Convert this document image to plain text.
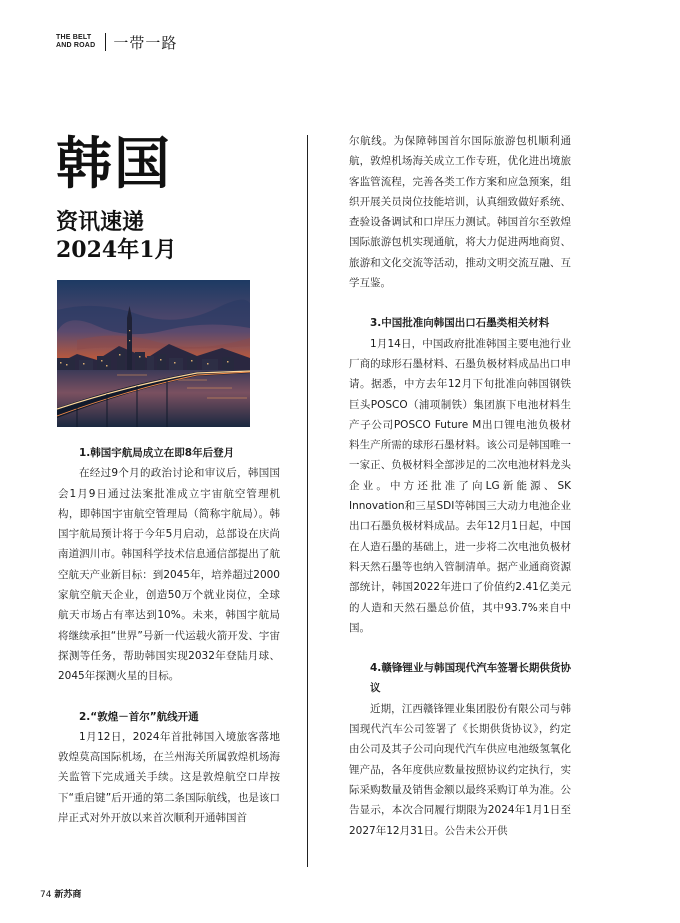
THE BELT
AND ROAD 一带一路
韩国
资讯速递
2024年1月
1.韩国宇航局成立在即8年后登月

在经过9个月的政治讨论和审议后，韩国国会1月9日通过法案批准成立宇宙航空管理机构，即韩国宇宙航空管理局（简称宇航局）。韩国宇航局预计将于今年5月启动，总部设在庆尚南道泗川市。韩国科学技术信息通信部提出了航空航天产业新目标：到2045年，培养超过2000家航空航天企业，创造50万个就业岗位，全球航天市场占有率达到10%。未来，韩国宇航局将继续承担“世界”号新一代运载火箭开发、宇宙探测等任务，帮助韩国实现2032年登陆月球、2045年探测火星的目标。

2.“敦煌－首尔”航线开通

1月12日，2024年首批韩国入境旅客落地敦煌莫高国际机场，在兰州海关所属敦煌机场海关监管下完成通关手续。这是敦煌航空口岸按下“重启键”后开通的第二条国际航线，也是该口岸正式对外开放以来首次顺利开通韩国首

尔航线。为保障韩国首尔国际旅游包机顺利通航，敦煌机场海关成立工作专班，优化进出境旅客监管流程，完善各类工作方案和应急预案，组织开展关员岗位技能培训，认真细致做好系统、查验设备调试和口岸压力测试。韩国首尔至敦煌国际旅游包机实现通航，将大力促进两地商贸、旅游和文化交流等活动，推动文明交流互融、互学互鉴。

3.中国批准向韩国出口石墨类相关材料

1月14日，中国政府批准韩国主要电池行业厂商的球形石墨材料、石墨负极材料成品出口申请。据悉，中方去年12月下旬批准向韩国钢铁巨头POSCO（浦项制铁）集团旗下电池材料生产子公司POSCO Future M出口锂电池负极材料生产所需的球形石墨材料。该公司是韩国唯一一家正、负极材料全部涉足的二次电池材料龙头企业。中方还批准了向LG新能源、SK Innovation和三星SDI等韩国三大动力电池企业出口石墨负极材料成品。去年12月1日起，中国在人造石墨的基础上，进一步将二次电池负极材料天然石墨等也纳入管制清单。据产业通商资源部统计，韩国2022年进口了价值约2.41亿美元的人造和天然石墨总价值，其中93.7%来自中国。

4.赣锋锂业与韩国现代汽车签署长期供货协议

近期，江西赣锋锂业集团股份有限公司与韩国现代汽车公司签署了《长期供货协议》，约定由公司及其子公司向现代汽车供应电池级氢氧化锂产品，各年度供应数量按照协议约定执行，实际采购数量及销售金额以最终采购订单为准。公告显示，本次合同履行期限为2024年1月1日至2027年12月31日。公告未公开供

74 新苏商
